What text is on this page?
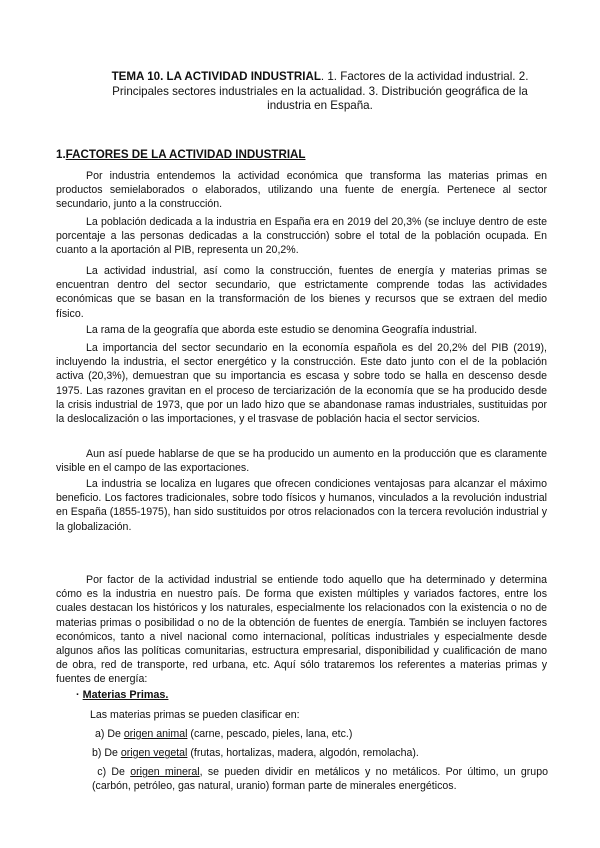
TEMA 10. LA ACTIVIDAD INDUSTRIAL. 1. Factores de la actividad industrial. 2. Principales sectores industriales en la actualidad. 3. Distribución geográfica de la industria en España.
1.FACTORES DE LA ACTIVIDAD INDUSTRIAL

Por industria entendemos la actividad económica que transforma las materias primas en productos semielaborados o elaborados, utilizando una fuente de energía. Pertenece al sector secundario, junto a la construcción.

La población dedicada a la industria en España era en 2019 del 20,3% (se incluye dentro de este porcentaje a las personas dedicadas a la construcción) sobre el total de la población ocupada. En cuanto a la aportación al PIB, representa un 20,2%.

La actividad industrial, así como la construcción, fuentes de energía y materias primas se encuentran dentro del sector secundario, que estrictamente comprende todas las actividades económicas que se basan en la transformación de los bienes y recursos que se extraen del medio físico.

La rama de la geografía que aborda este estudio se denomina Geografía industrial.

La importancia del sector secundario en la economía española es del 20,2% del PIB (2019), incluyendo la industria, el sector energético y la construcción. Este dato junto con el de la población activa (20,3%), demuestran que su importancia es escasa y sobre todo se halla en descenso desde 1975. Las razones gravitan en el proceso de terciarización de la economía que se ha producido desde la crisis industrial de 1973, que por un lado hizo que se abandonase ramas industriales, sustituidas por la deslocalización o las importaciones, y el trasvase de población hacia el sector servicios.

Aun así puede hablarse de que se ha producido un aumento en la producción que es claramente visible en el campo de las exportaciones.

La industria se localiza en lugares que ofrecen condiciones ventajosas para alcanzar el máximo beneficio. Los factores tradicionales, sobre todo físicos y humanos, vinculados a la revolución industrial en España (1855-1975), han sido sustituidos por otros relacionados con la tercera revolución industrial y la globalización.

Por factor de la actividad industrial se entiende todo aquello que ha determinado y determina cómo es la industria en nuestro país. De forma que existen múltiples y variados factores, entre los cuales destacan los históricos y los naturales, especialmente los relacionados con la existencia o no de materias primas o posibilidad o no de la obtención de fuentes de energía. También se incluyen factores económicos, tanto a nivel nacional como internacional, políticas industriales y especialmente desde algunos años las políticas comunitarias, estructura empresarial, disponibilidad y cualificación de mano de obra, red de transporte, red urbana, etc. Aquí sólo trataremos los referentes a materias primas y fuentes de energía:

· Materias Primas.
Las materias primas se pueden clasificar en:
a) De origen animal (carne, pescado, pieles, lana, etc.)
b) De origen vegetal (frutas, hortalizas, madera, algodón, remolacha).
c) De origen mineral, se pueden dividir en metálicos y no metálicos. Por último, un grupo (carbón, petróleo, gas natural, uranio) forman parte de minerales energéticos.
